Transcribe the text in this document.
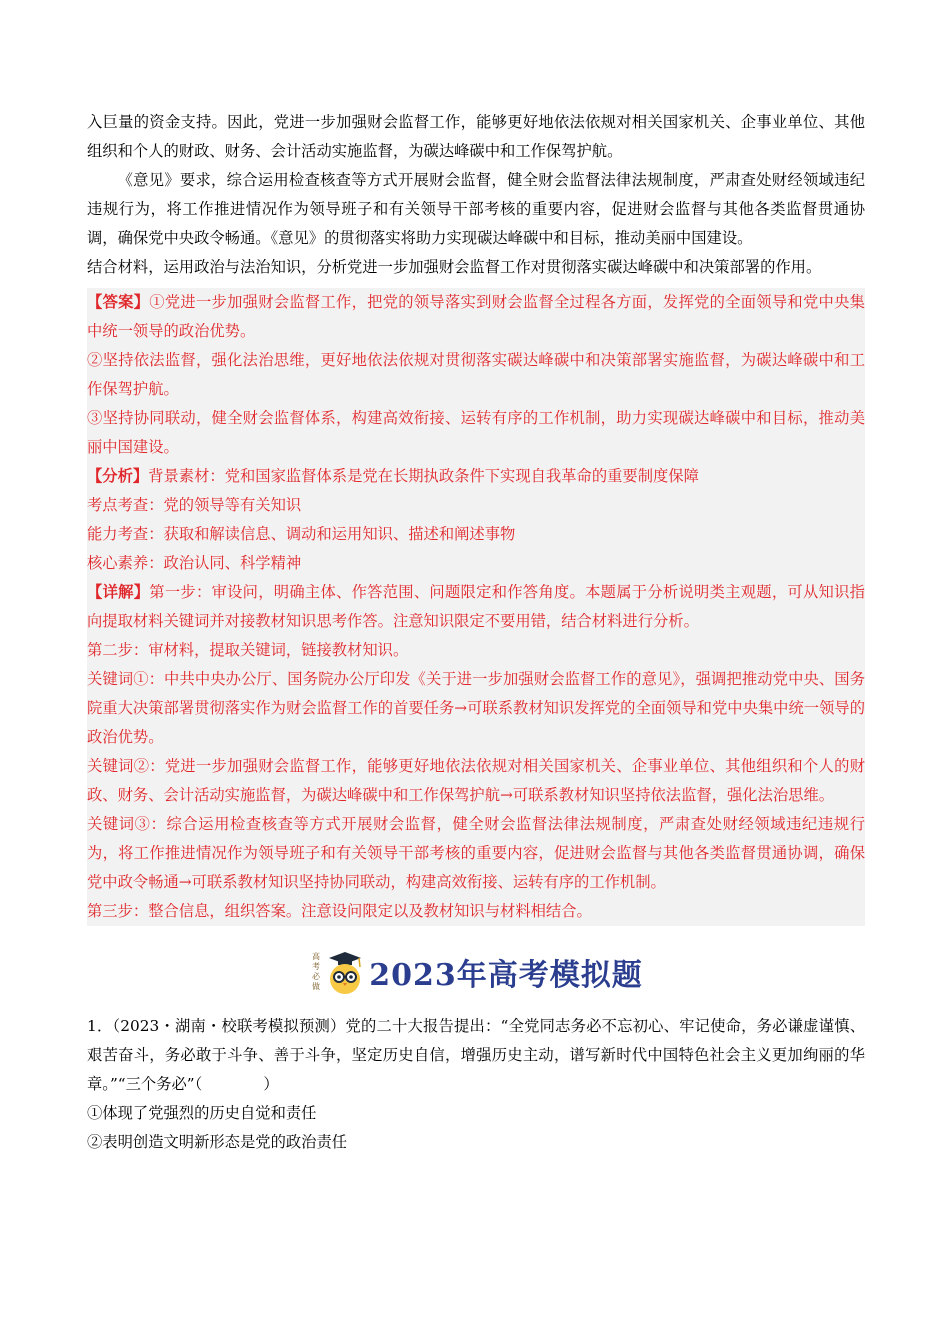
入巨量的资金支持。因此，党进一步加强财会监督工作，能够更好地依法依规对相关国家机关、企事业单位、其他组织和个人的财政、财务、会计活动实施监督，为碳达峰碳中和工作保驾护航。

《意见》要求，综合运用检查核查等方式开展财会监督，健全财会监督法律法规制度，严肃查处财经领域违纪违规行为，将工作推进情况作为领导班子和有关领导干部考核的重要内容，促进财会监督与其他各类监督贯通协调，确保党中央政令畅通。《意见》的贯彻落实将助力实现碳达峰碳中和目标，推动美丽中国建设。

结合材料，运用政治与法治知识，分析党进一步加强财会监督工作对贯彻落实碳达峰碳中和决策部署的作用。

【答案】①党进一步加强财会监督工作，把党的领导落实到财会监督全过程各方面，发挥党的全面领导和党中央集中统一领导的政治优势。

②坚持依法监督，强化法治思维，更好地依法依规对贯彻落实碳达峰碳中和决策部署实施监督，为碳达峰碳中和工作保驾护航。

③坚持协同联动，健全财会监督体系，构建高效衔接、运转有序的工作机制，助力实现碳达峰碳中和目标，推动美丽中国建设。

【分析】背景素材：党和国家监督体系是党在长期执政条件下实现自我革命的重要制度保障

考点考查：党的领导等有关知识

能力考查：获取和解读信息、调动和运用知识、描述和阐述事物

核心素养：政治认同、科学精神

【详解】第一步：审设问，明确主体、作答范围、问题限定和作答角度。本题属于分析说明类主观题，可从知识指向提取材料关键词并对接教材知识思考作答。注意知识限定不要用错，结合材料进行分析。

第二步：审材料，提取关键词，链接教材知识。

关键词①：中共中央办公厅、国务院办公厅印发《关于进一步加强财会监督工作的意见》，强调把推动党中央、国务院重大决策部署贯彻落实作为财会监督工作的首要任务→可联系教材知识发挥党的全面领导和党中央集中统一领导的政治优势。

关键词②：党进一步加强财会监督工作，能够更好地依法依规对相关国家机关、企事业单位、其他组织和个人的财政、财务、会计活动实施监督，为碳达峰碳中和工作保驾护航→可联系教材知识坚持依法监督，强化法治思维。

关键词③：综合运用检查核查等方式开展财会监督，健全财会监督法律法规制度，严肃查处财经领域违纪违规行为，将工作推进情况作为领导班子和有关领导干部考核的重要内容，促进财会监督与其他各类监督贯通协调，确保党中政令畅通→可联系教材知识坚持协同联动，构建高效衔接、运转有序的工作机制。

第三步：整合信息，组织答案。注意设问限定以及教材知识与材料相结合。

高
考
必
做 2023年高考模拟题

1．（2023・湖南・校联考模拟预测）党的二十大报告提出：“全党同志务必不忘初心、牢记使命，务必谦虚谨慎、艰苦奋斗，务必敢于斗争、善于斗争，坚定历史自信，增强历史主动，谱写新时代中国特色社会主义更加绚丽的华章。”“三个务必”（　　　　）

①体现了党强烈的历史自觉和责任

②表明创造文明新形态是党的政治责任
